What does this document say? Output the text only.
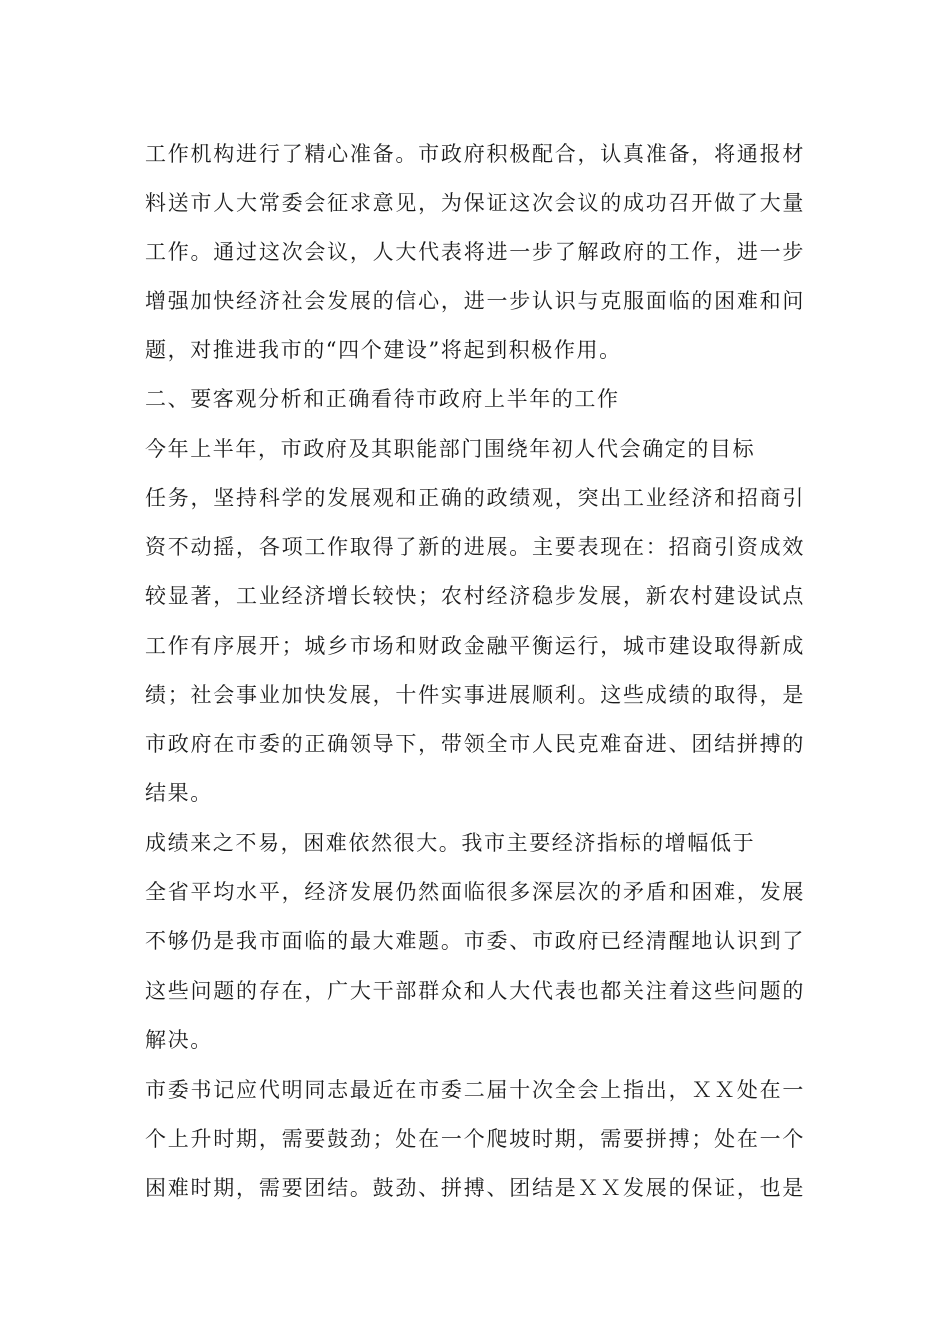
工作机构进行了精心准备。市政府积极配合，认真准备，将通报材
料送市人大常委会征求意见，为保证这次会议的成功召开做了大量
工作。通过这次会议，人大代表将进一步了解政府的工作，进一步
增强加快经济社会发展的信心，进一步认识与克服面临的困难和问
题，对推进我市的“四个建设”将起到积极作用。
二、要客观分析和正确看待市政府上半年的工作
今年上半年，市政府及其职能部门围绕年初人代会确定的目标
任务，坚持科学的发展观和正确的政绩观，突出工业经济和招商引
资不动摇，各项工作取得了新的进展。主要表现在：招商引资成效
较显著，工业经济增长较快；农村经济稳步发展，新农村建设试点
工作有序展开；城乡市场和财政金融平衡运行，城市建设取得新成
绩；社会事业加快发展，十件实事进展顺利。这些成绩的取得，是
市政府在市委的正确领导下，带领全市人民克难奋进、团结拼搏的
结果。
成绩来之不易，困难依然很大。我市主要经济指标的增幅低于
全省平均水平，经济发展仍然面临很多深层次的矛盾和困难，发展
不够仍是我市面临的最大难题。市委、市政府已经清醒地认识到了
这些问题的存在，广大干部群众和人大代表也都关注着这些问题的
解决。
市委书记应代明同志最近在市委二届十次全会上指出，ＸＸ处在一
个上升时期，需要鼓劲；处在一个爬坡时期，需要拼搏；处在一个
困难时期，需要团结。鼓劲、拼搏、团结是ＸＸ发展的保证，也是
